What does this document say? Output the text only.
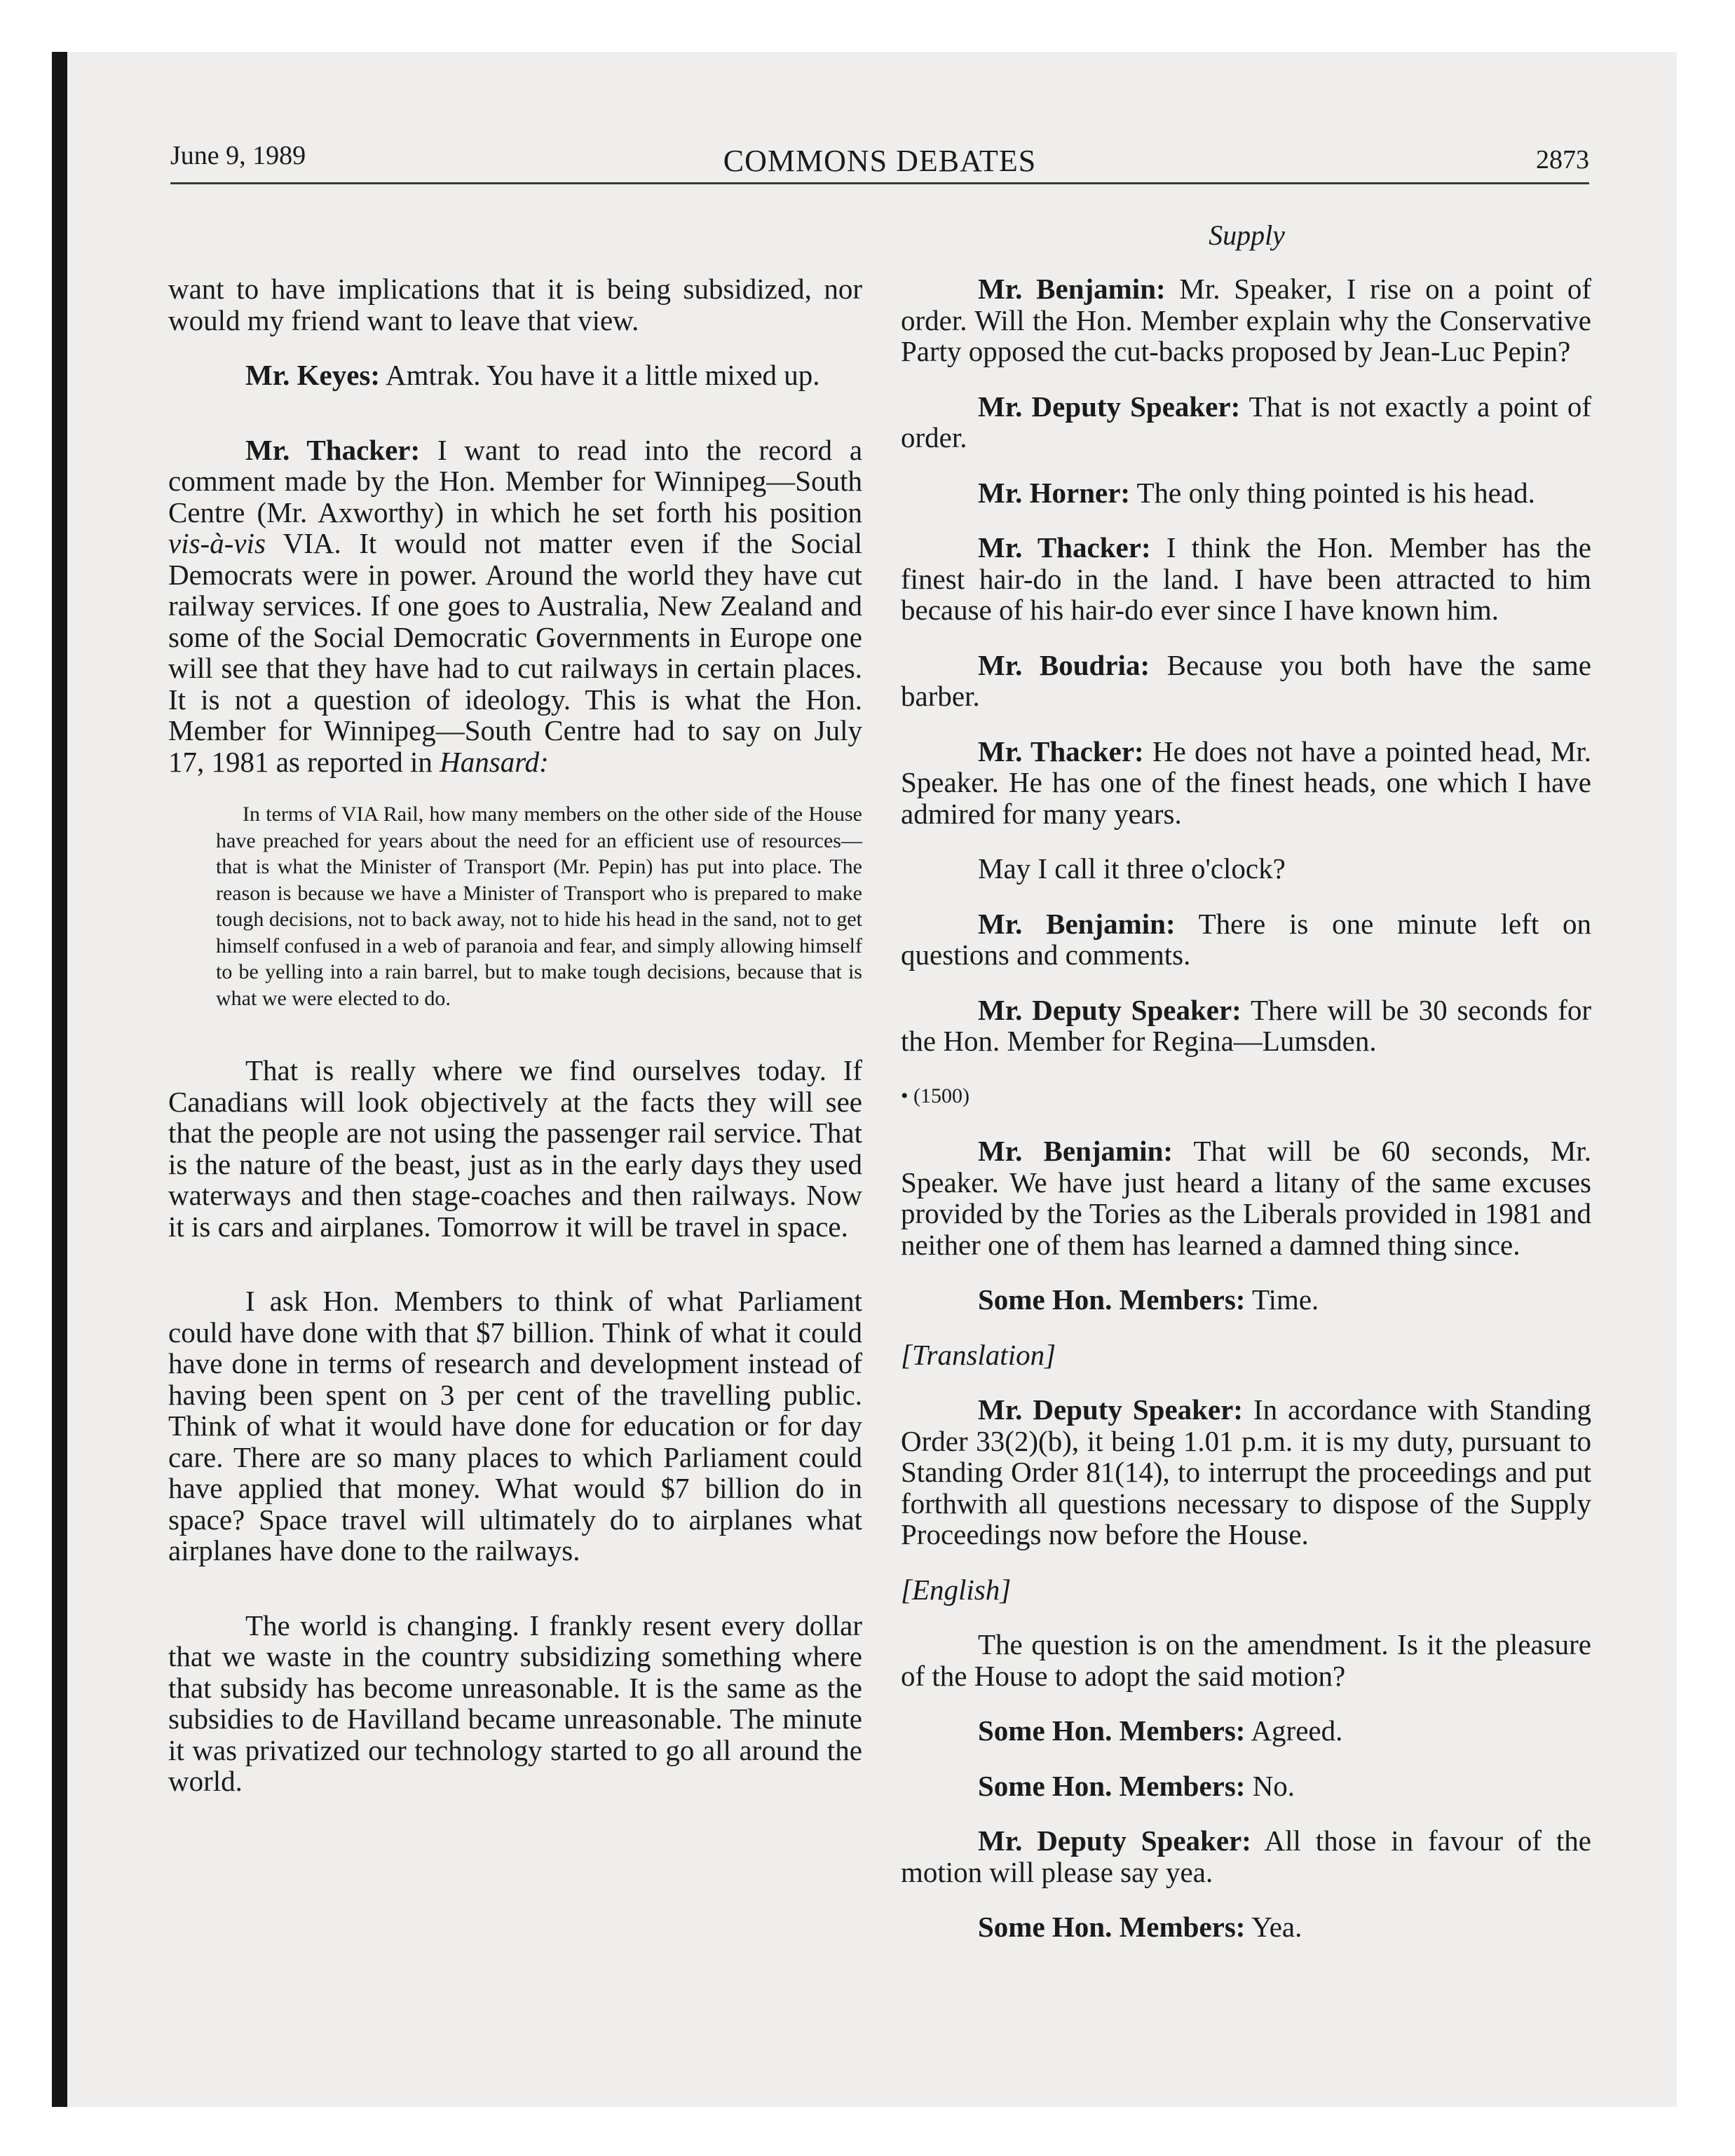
June 9, 1989	COMMONS DEBATES	2873
Supply

want to have implications that it is being subsidized, nor would my friend want to leave that view.

Mr. Keyes: Amtrak. You have it a little mixed up.

Mr. Thacker: I want to read into the record a comment made by the Hon. Member for Winnipeg—South Centre (Mr. Axworthy) in which he set forth his position vis-à-vis VIA. It would not matter even if the Social Democrats were in power. Around the world they have cut railway services. If one goes to Australia, New Zealand and some of the Social Democratic Governments in Europe one will see that they have had to cut railways in certain places. It is not a question of ideology. This is what the Hon. Member for Winnipeg—South Centre had to say on July 17, 1981 as reported in Hansard:

In terms of VIA Rail, how many members on the other side of the House have preached for years about the need for an efficient use of resources—that is what the Minister of Transport (Mr. Pepin) has put into place. The reason is because we have a Minister of Transport who is prepared to make tough decisions, not to back away, not to hide his head in the sand, not to get himself confused in a web of paranoia and fear, and simply allowing himself to be yelling into a rain barrel, but to make tough decisions, because that is what we were elected to do.

That is really where we find ourselves today. If Canadians will look objectively at the facts they will see that the people are not using the passenger rail service. That is the nature of the beast, just as in the early days they used waterways and then stage-coaches and then railways. Now it is cars and airplanes. Tomorrow it will be travel in space.

I ask Hon. Members to think of what Parliament could have done with that $7 billion. Think of what it could have done in terms of research and development instead of having been spent on 3 per cent of the travelling public. Think of what it would have done for education or for day care. There are so many places to which Parliament could have applied that money. What would $7 billion do in space? Space travel will ultimately do to airplanes what airplanes have done to the railways.

The world is changing. I frankly resent every dollar that we waste in the country subsidizing something where that subsidy has become unreasonable. It is the same as the subsidies to de Havilland became unreasonable. The minute it was privatized our technology started to go all around the world.

Mr. Benjamin: Mr. Speaker, I rise on a point of order. Will the Hon. Member explain why the Conservative Party opposed the cut-backs proposed by Jean-Luc Pepin?

Mr. Deputy Speaker: That is not exactly a point of order.

Mr. Horner: The only thing pointed is his head.

Mr. Thacker: I think the Hon. Member has the finest hair-do in the land. I have been attracted to him because of his hair-do ever since I have known him.

Mr. Boudria: Because you both have the same barber.

Mr. Thacker: He does not have a pointed head, Mr. Speaker. He has one of the finest heads, one which I have admired for many years.

May I call it three o'clock?

Mr. Benjamin: There is one minute left on questions and comments.

Mr. Deputy Speaker: There will be 30 seconds for the Hon. Member for Regina—Lumsden.

• (1500)

Mr. Benjamin: That will be 60 seconds, Mr. Speaker. We have just heard a litany of the same excuses provided by the Tories as the Liberals provided in 1981 and neither one of them has learned a damned thing since.

Some Hon. Members: Time.

[Translation]

Mr. Deputy Speaker: In accordance with Standing Order 33(2)(b), it being 1.01 p.m. it is my duty, pursuant to Standing Order 81(14), to interrupt the proceedings and put forthwith all questions necessary to dispose of the Supply Proceedings now before the House.

[English]

The question is on the amendment. Is it the pleasure of the House to adopt the said motion?

Some Hon. Members: Agreed.

Some Hon. Members: No.

Mr. Deputy Speaker: All those in favour of the motion will please say yea.

Some Hon. Members: Yea.
